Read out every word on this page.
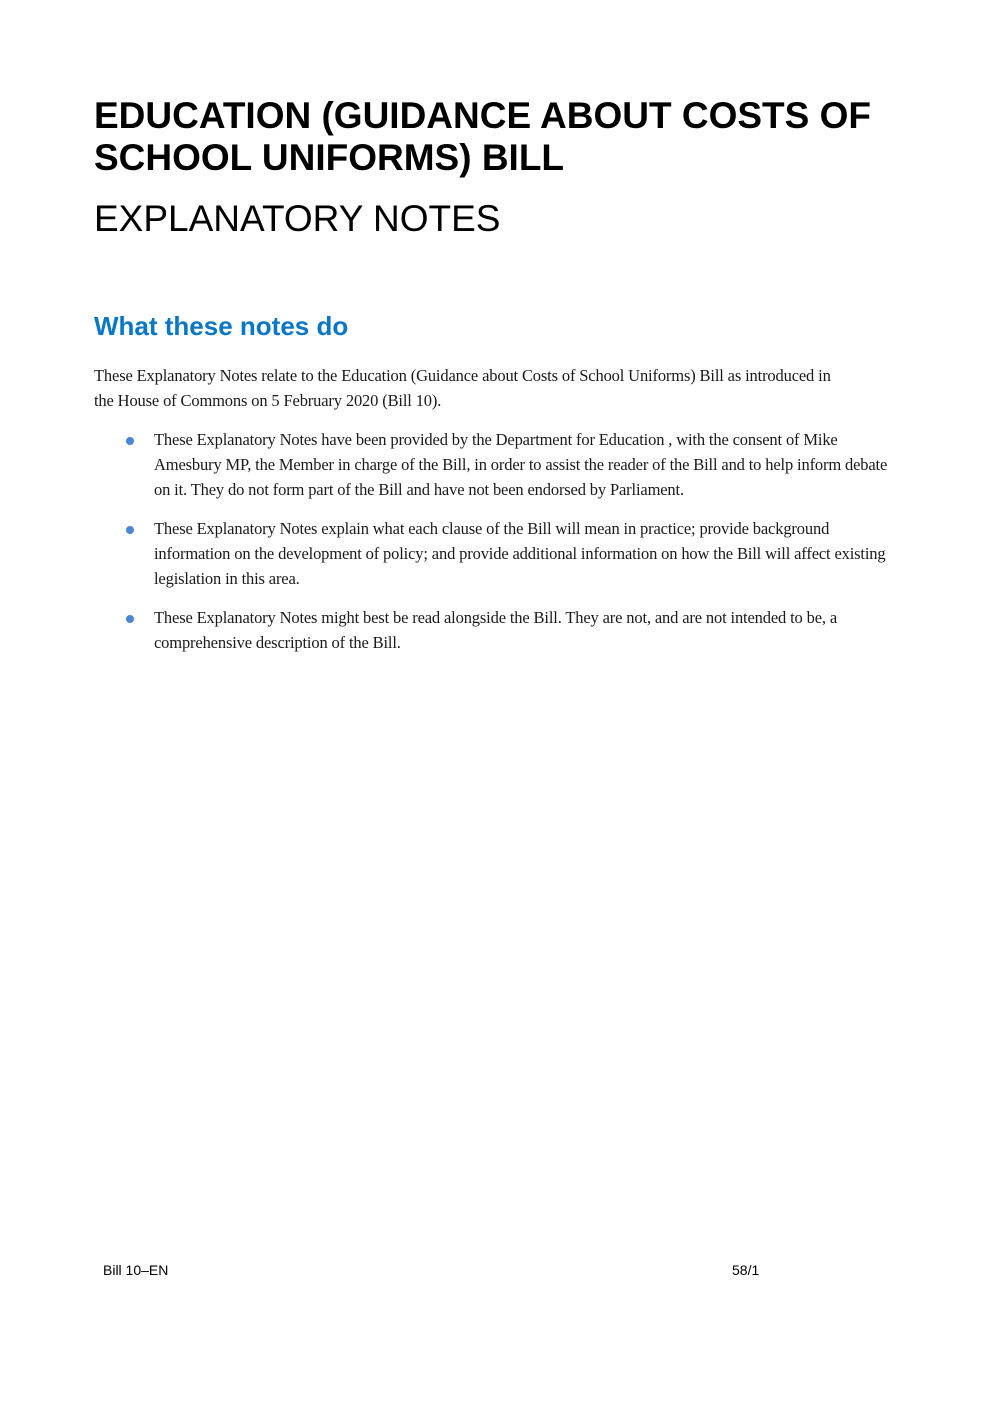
EDUCATION (GUIDANCE ABOUT COSTS OF SCHOOL UNIFORMS) BILL
EXPLANATORY NOTES
What these notes do

These Explanatory Notes relate to the Education (Guidance about Costs of School Uniforms) Bill as introduced in the House of Commons on 5 February 2020 (Bill 10).

These Explanatory Notes have been provided by the Department for Education , with the consent of Mike Amesbury MP, the Member in charge of the Bill, in order to assist the reader of the Bill and to help inform debate on it. They do not form part of the Bill and have not been endorsed by Parliament.
These Explanatory Notes explain what each clause of the Bill will mean in practice; provide background information on the development of policy; and provide additional information on how the Bill will affect existing legislation in this area.
These Explanatory Notes might best be read alongside the Bill. They are not, and are not intended to be, a comprehensive description of the Bill.
Bill 10–EN	58/1
